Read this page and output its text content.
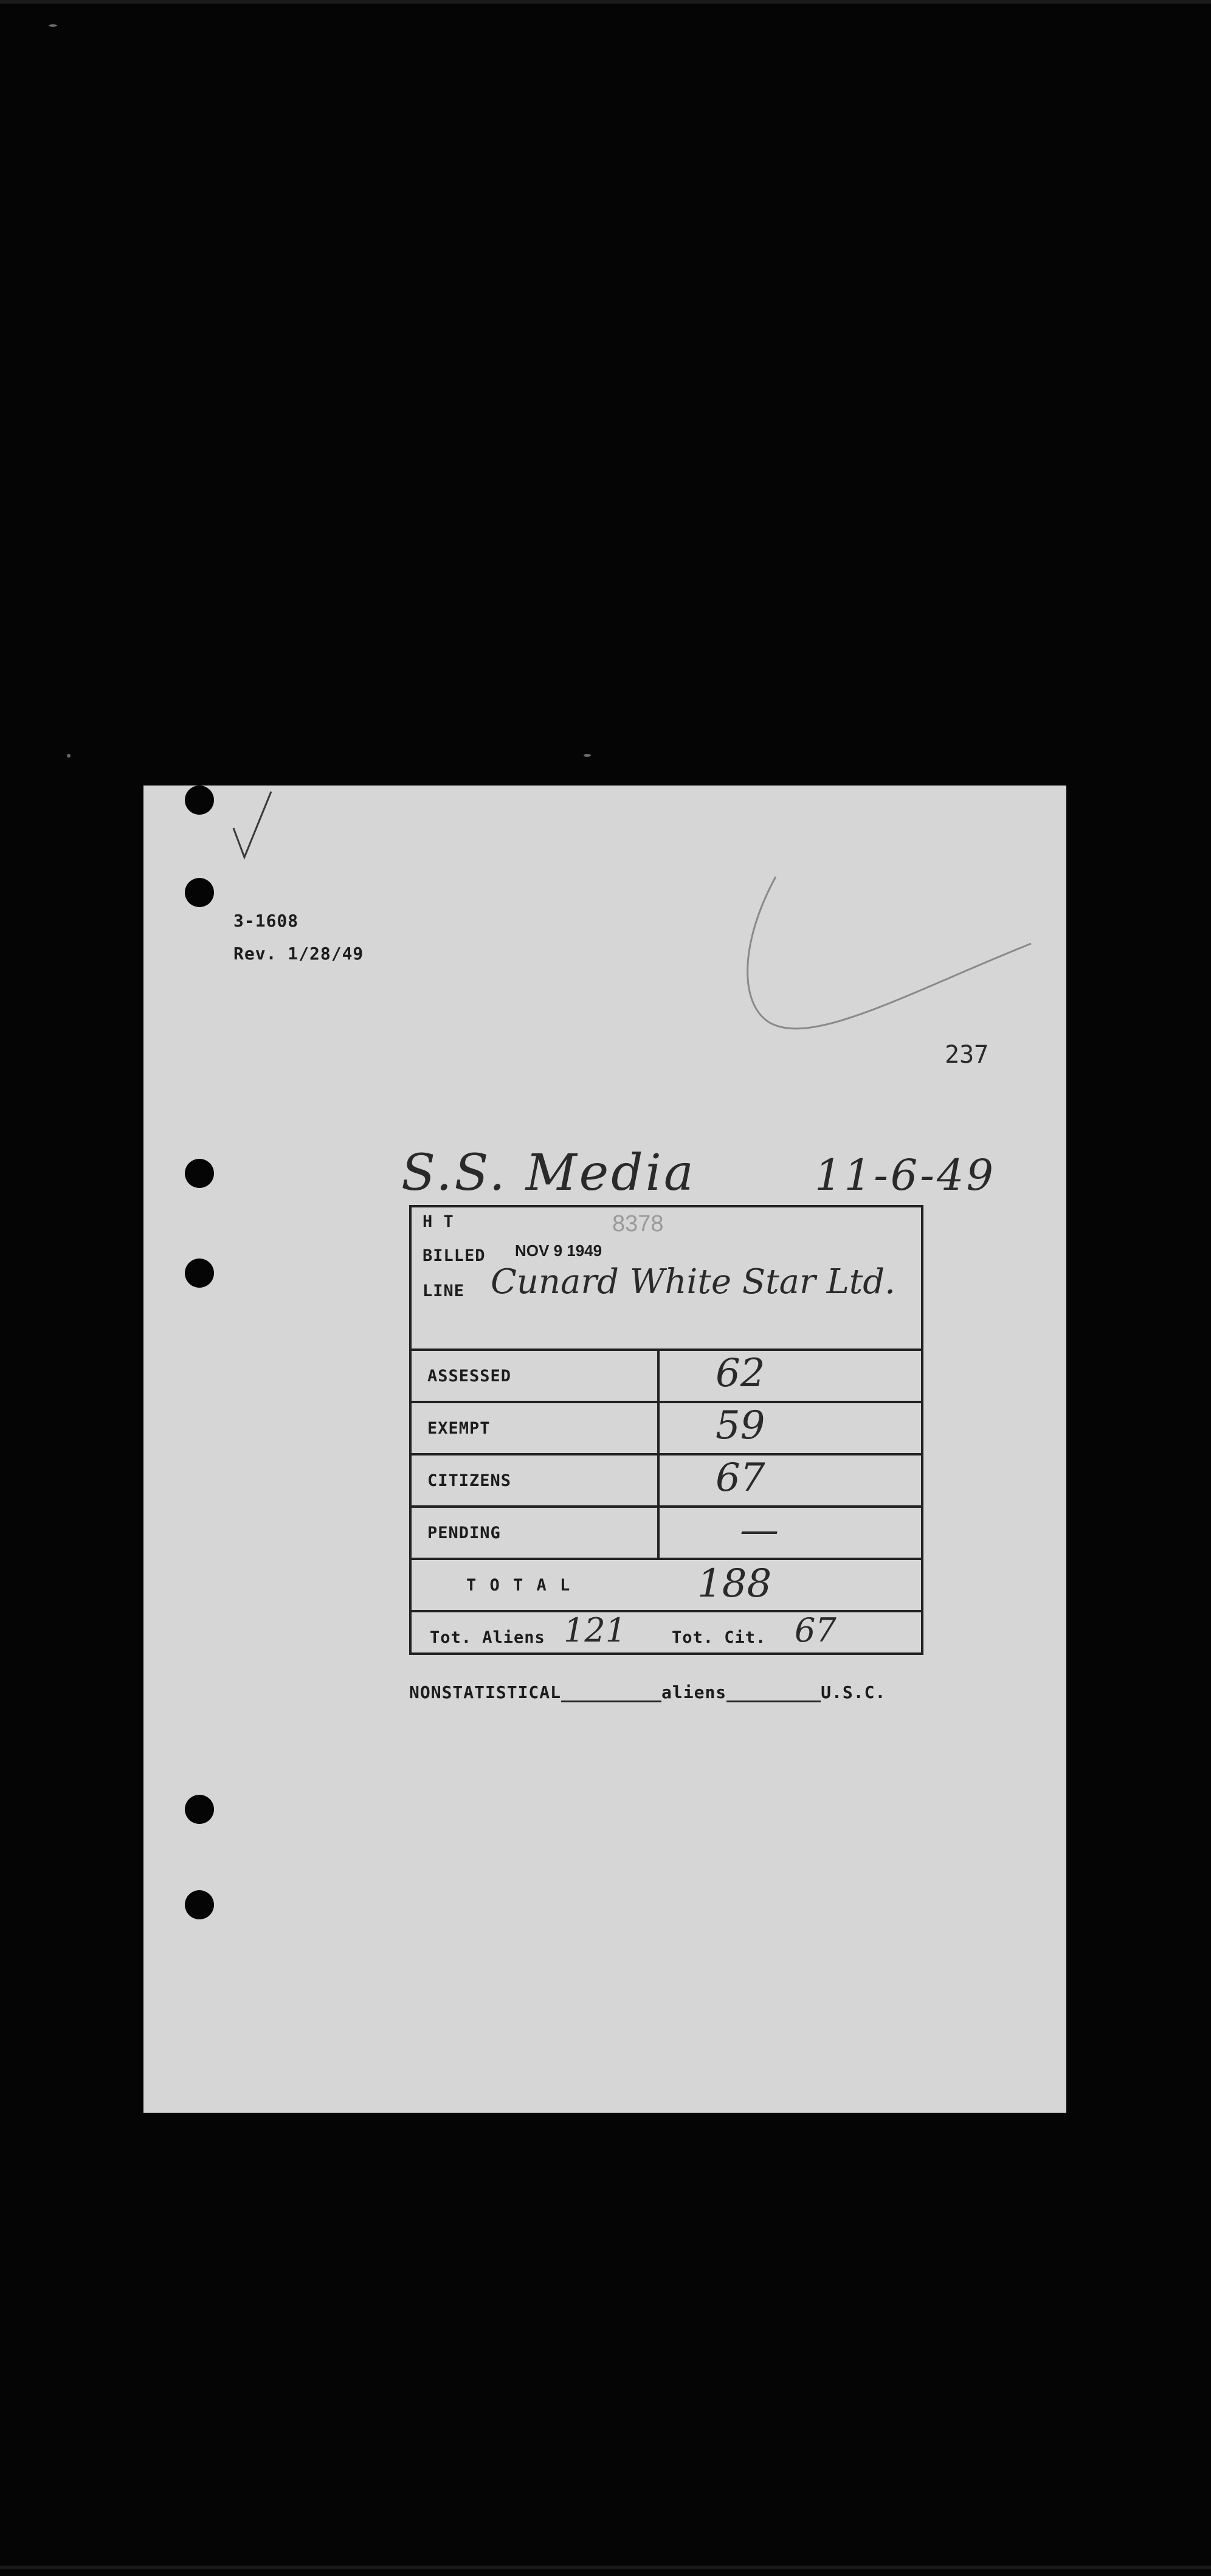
3-1608
Rev. 1/28/49
237
S.S. Media	11-6-49
H T	8378
BILLED NOV 9 1949
LINE Cunard White Star Ltd.
ASSESSED	62
EXEMPT	59
CITIZENS	67
PENDING	—
T O T A L	188
Tot. Aliens 121	Tot. Cit. 67
NONSTATISTICAL	aliens	U.S.C.
